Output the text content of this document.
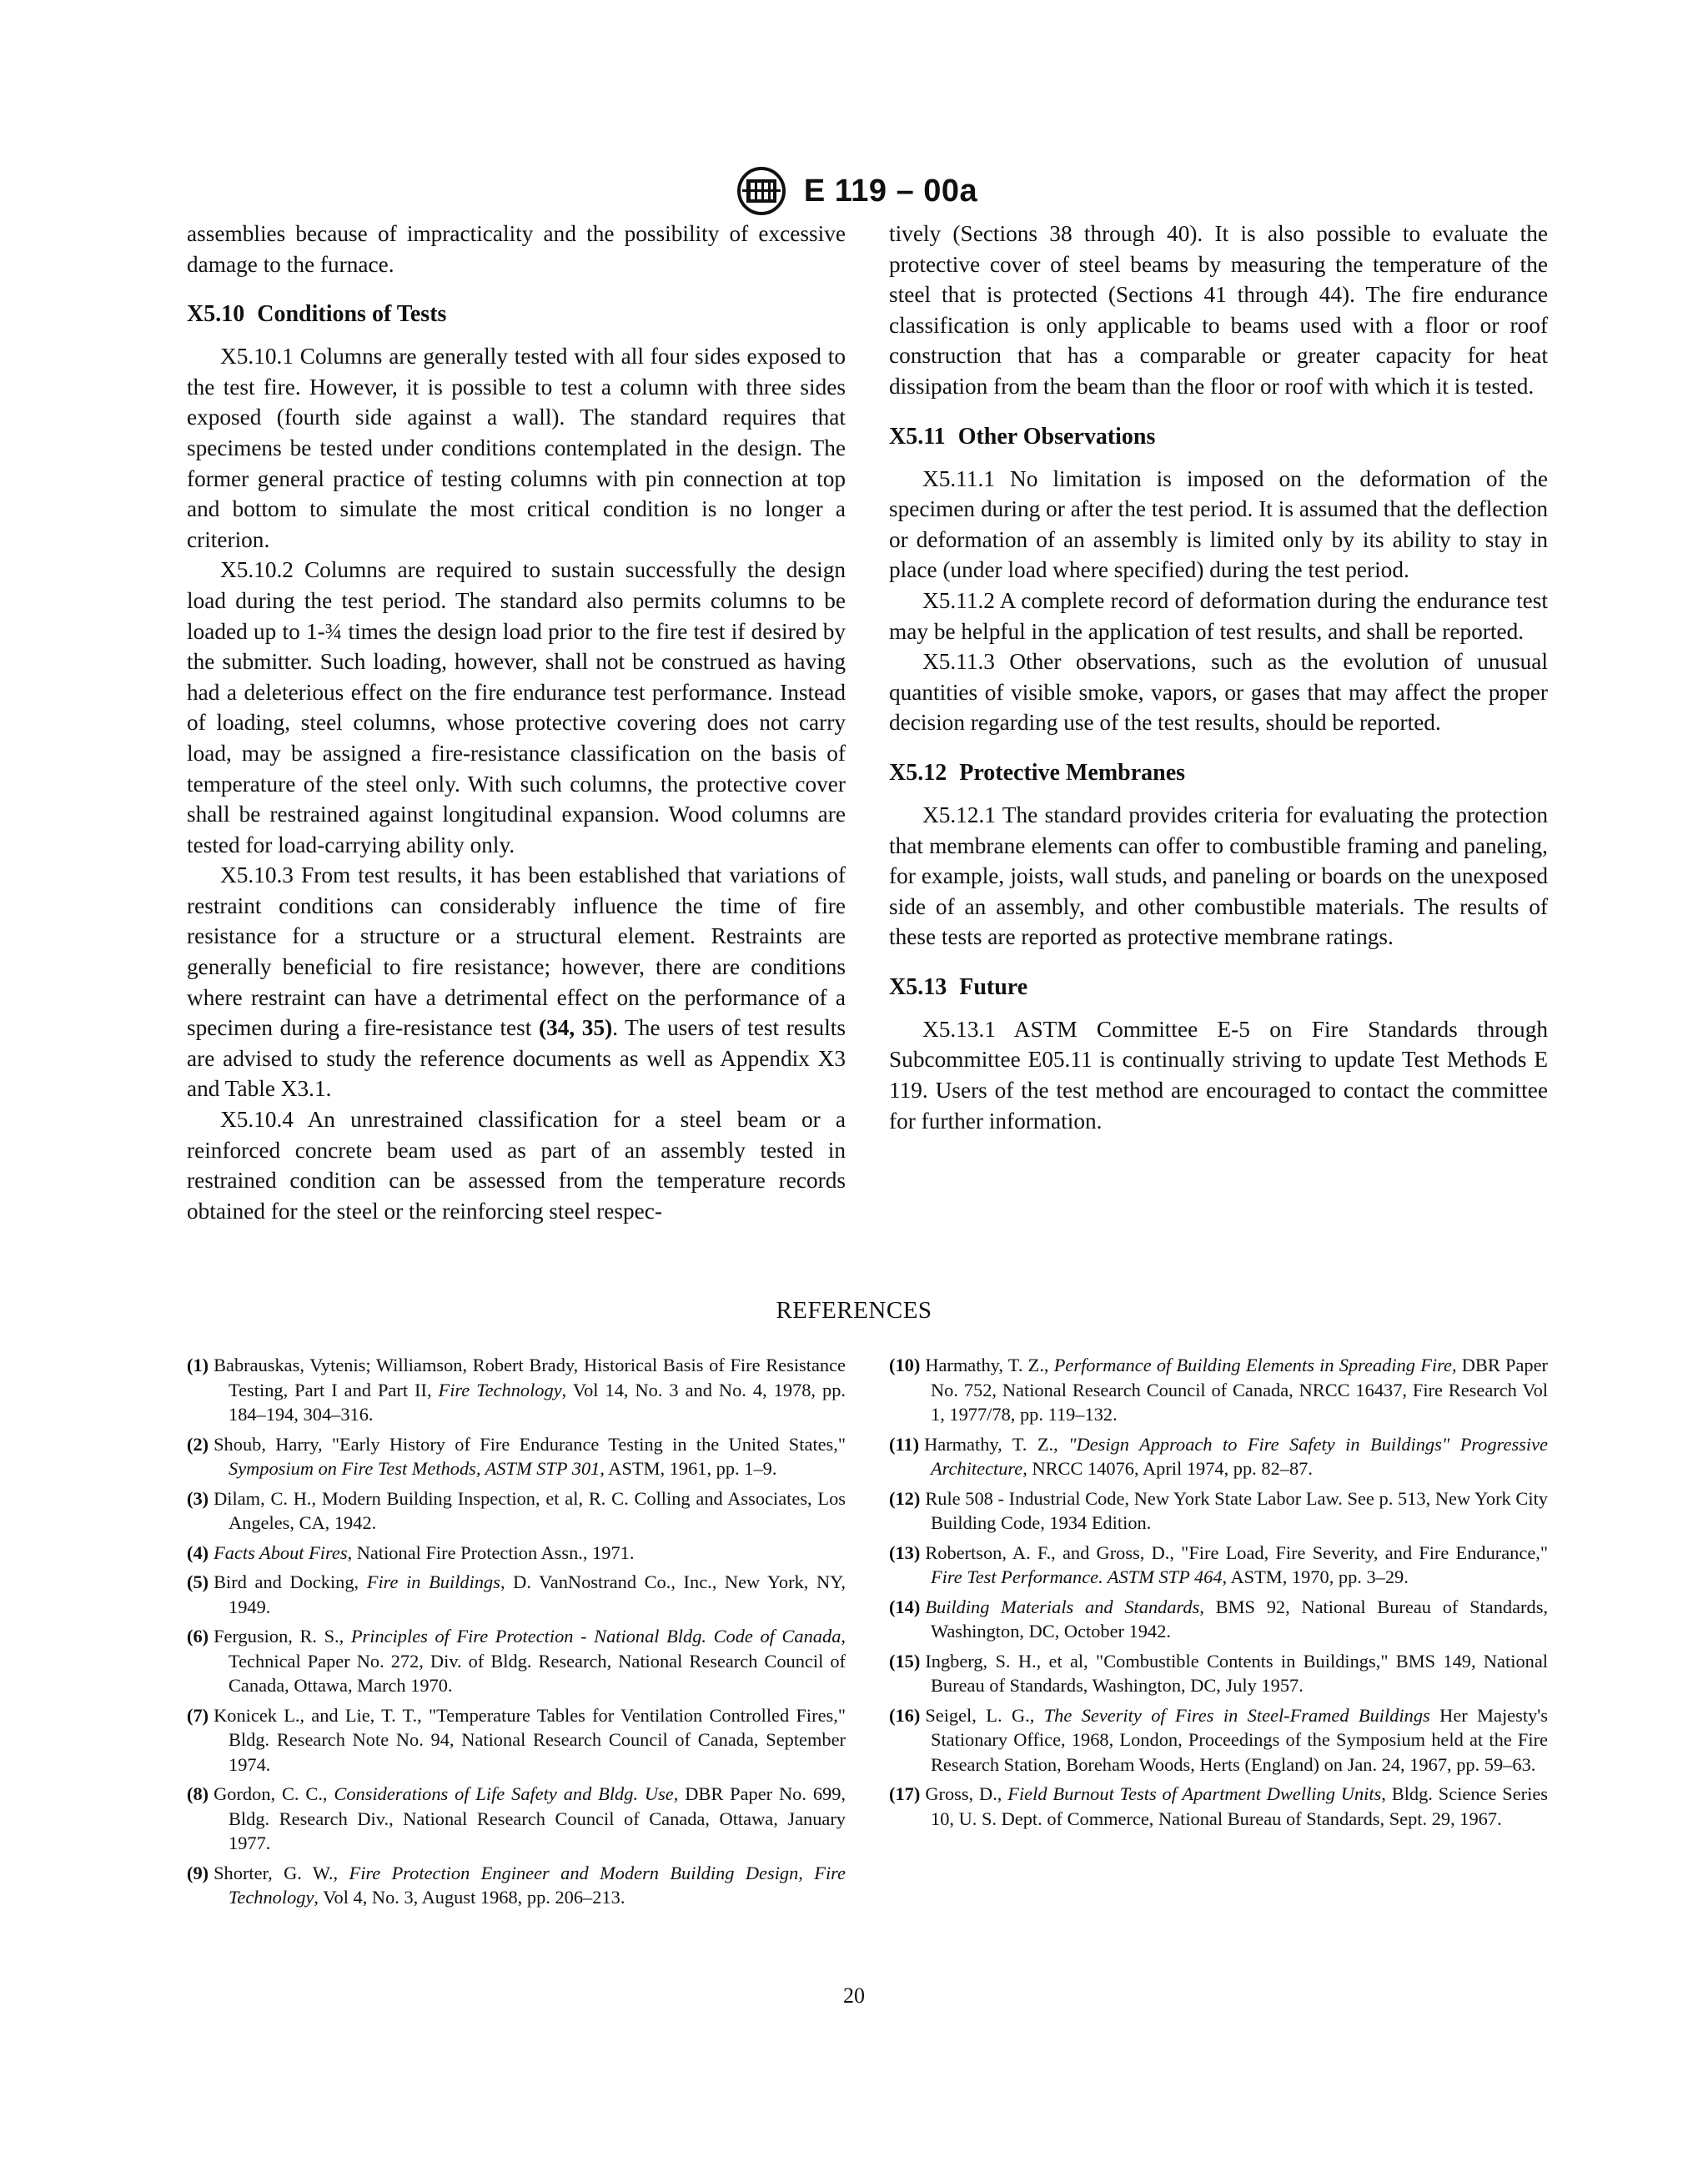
E 119 – 00a

assemblies because of impracticality and the possibility of excessive damage to the furnace.

X5.10 Conditions of Tests

X5.10.1 Columns are generally tested with all four sides exposed to the test fire. However, it is possible to test a column with three sides exposed (fourth side against a wall). The standard requires that specimens be tested under conditions contemplated in the design. The former general practice of testing columns with pin connection at top and bottom to simulate the most critical condition is no longer a criterion.

X5.10.2 Columns are required to sustain successfully the design load during the test period. The standard also permits columns to be loaded up to 1-¾ times the design load prior to the fire test if desired by the submitter. Such loading, however, shall not be construed as having had a deleterious effect on the fire endurance test performance. Instead of loading, steel columns, whose protective covering does not carry load, may be assigned a fire-resistance classification on the basis of temperature of the steel only. With such columns, the protective cover shall be restrained against longitudinal expansion. Wood columns are tested for load-carrying ability only.

X5.10.3 From test results, it has been established that variations of restraint conditions can considerably influence the time of fire resistance for a structure or a structural element. Restraints are generally beneficial to fire resistance; however, there are conditions where restraint can have a detrimental effect on the performance of a specimen during a fire-resistance test (34, 35). The users of test results are advised to study the reference documents as well as Appendix X3 and Table X3.1.

X5.10.4 An unrestrained classification for a steel beam or a reinforced concrete beam used as part of an assembly tested in restrained condition can be assessed from the temperature records obtained for the steel or the reinforcing steel respec-

tively (Sections 38 through 40). It is also possible to evaluate the protective cover of steel beams by measuring the temperature of the steel that is protected (Sections 41 through 44). The fire endurance classification is only applicable to beams used with a floor or roof construction that has a comparable or greater capacity for heat dissipation from the beam than the floor or roof with which it is tested.

X5.11 Other Observations

X5.11.1 No limitation is imposed on the deformation of the specimen during or after the test period. It is assumed that the deflection or deformation of an assembly is limited only by its ability to stay in place (under load where specified) during the test period.

X5.11.2 A complete record of deformation during the endurance test may be helpful in the application of test results, and shall be reported.

X5.11.3 Other observations, such as the evolution of unusual quantities of visible smoke, vapors, or gases that may affect the proper decision regarding use of the test results, should be reported.

X5.12 Protective Membranes

X5.12.1 The standard provides criteria for evaluating the protection that membrane elements can offer to combustible framing and paneling, for example, joists, wall studs, and paneling or boards on the unexposed side of an assembly, and other combustible materials. The results of these tests are reported as protective membrane ratings.

X5.13 Future

X5.13.1 ASTM Committee E-5 on Fire Standards through Subcommittee E05.11 is continually striving to update Test Methods E 119. Users of the test method are encouraged to contact the committee for further information.

REFERENCES

(1) Babrauskas, Vytenis; Williamson, Robert Brady, Historical Basis of Fire Resistance Testing, Part I and Part II, Fire Technology, Vol 14, No. 3 and No. 4, 1978, pp. 184–194, 304–316.

(2) Shoub, Harry, "Early History of Fire Endurance Testing in the United States," Symposium on Fire Test Methods, ASTM STP 301, ASTM, 1961, pp. 1–9.

(3) Dilam, C. H., Modern Building Inspection, et al, R. C. Colling and Associates, Los Angeles, CA, 1942.

(4) Facts About Fires, National Fire Protection Assn., 1971.

(5) Bird and Docking, Fire in Buildings, D. VanNostrand Co., Inc., New York, NY, 1949.

(6) Fergusion, R. S., Principles of Fire Protection - National Bldg. Code of Canada, Technical Paper No. 272, Div. of Bldg. Research, National Research Council of Canada, Ottawa, March 1970.

(7) Konicek L., and Lie, T. T., "Temperature Tables for Ventilation Controlled Fires," Bldg. Research Note No. 94, National Research Council of Canada, September 1974.

(8) Gordon, C. C., Considerations of Life Safety and Bldg. Use, DBR Paper No. 699, Bldg. Research Div., National Research Council of Canada, Ottawa, January 1977.

(9) Shorter, G. W., Fire Protection Engineer and Modern Building Design, Fire Technology, Vol 4, No. 3, August 1968, pp. 206–213.

(10) Harmathy, T. Z., Performance of Building Elements in Spreading Fire, DBR Paper No. 752, National Research Council of Canada, NRCC 16437, Fire Research Vol 1, 1977/78, pp. 119–132.

(11) Harmathy, T. Z., "Design Approach to Fire Safety in Buildings" Progressive Architecture, NRCC 14076, April 1974, pp. 82–87.

(12) Rule 508 - Industrial Code, New York State Labor Law. See p. 513, New York City Building Code, 1934 Edition.

(13) Robertson, A. F., and Gross, D., "Fire Load, Fire Severity, and Fire Endurance," Fire Test Performance. ASTM STP 464, ASTM, 1970, pp. 3–29.

(14) Building Materials and Standards, BMS 92, National Bureau of Standards, Washington, DC, October 1942.

(15) Ingberg, S. H., et al, "Combustible Contents in Buildings," BMS 149, National Bureau of Standards, Washington, DC, July 1957.

(16) Seigel, L. G., The Severity of Fires in Steel-Framed Buildings Her Majesty's Stationary Office, 1968, London, Proceedings of the Symposium held at the Fire Research Station, Boreham Woods, Herts (England) on Jan. 24, 1967, pp. 59–63.

(17) Gross, D., Field Burnout Tests of Apartment Dwelling Units, Bldg. Science Series 10, U. S. Dept. of Commerce, National Bureau of Standards, Sept. 29, 1967.

20
